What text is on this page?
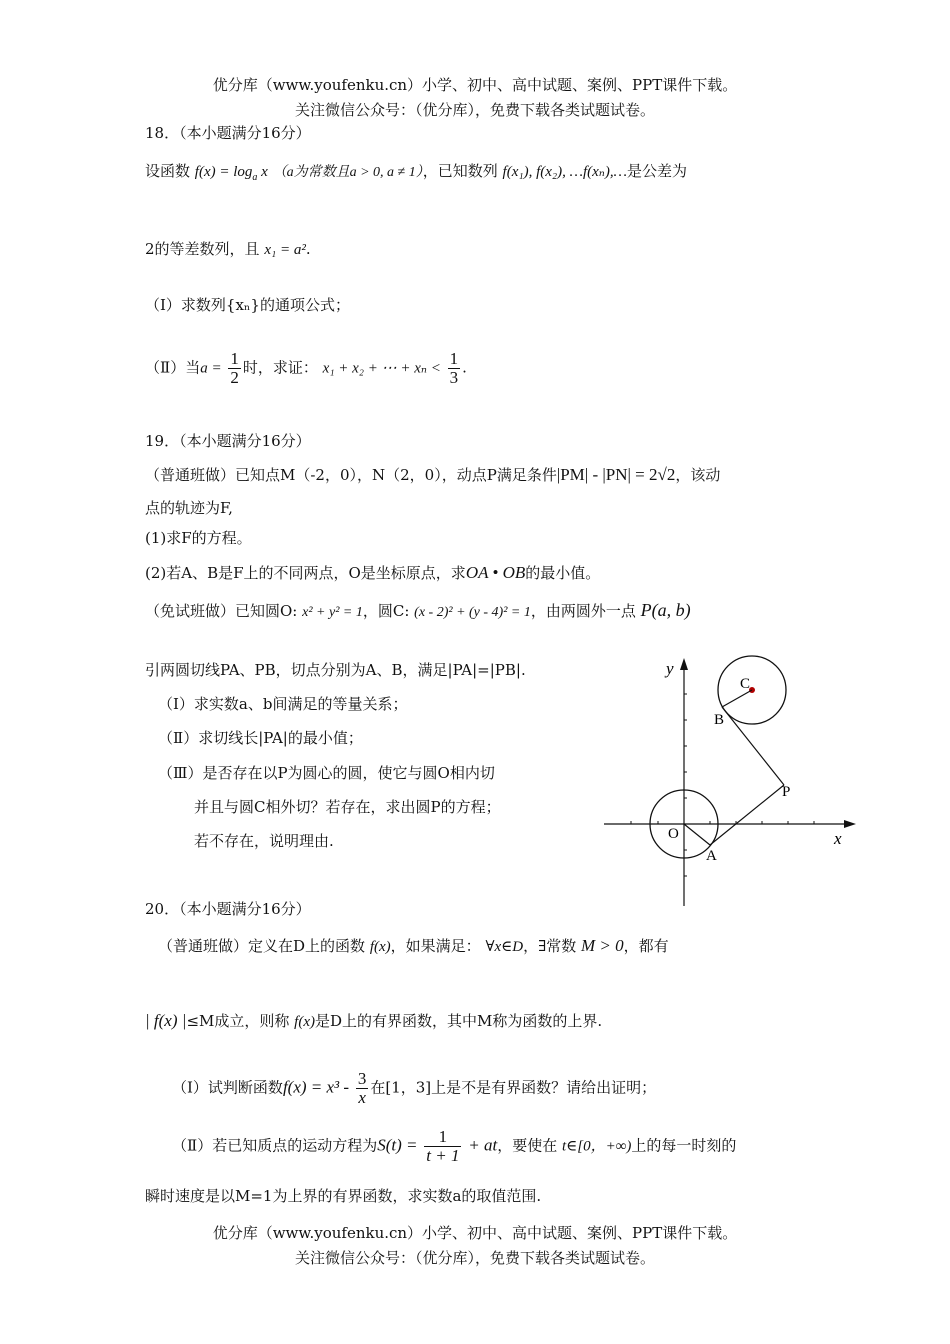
优分库（www.youfenku.cn）小学、初中、高中试题、案例、PPT课件下载。
关注微信公众号：（优分库），免费下载各类试题试卷。
18．（本小题满分16分）
设函数 $f(x) = \log_a x$ （a为常数且a > 0, a ≠ 1），已知数列 f(x₁), f(x₂), …f(xₙ),…是公差为
2的等差数列，且 x₁ = a².
（Ⅰ）求数列{xₙ}的通项公式；
（Ⅱ）当$a = \frac{1}{2}$ 时，求证： x₁ + x₂ + ⋯ + $x_n < \frac{1}{3}$ .
19．（本小题满分16分）
（普通班做）已知点M（-2，0），N（2，0），动点P满足条件|PM| - |PN| = 2√2，该动
点的轨迹为F,
(1)求F的方程。
(2)若A、B是F上的不同两点，O是坐标原点，求OA • OB的最小值。
（免试班做）已知圆O: x² + y² = 1，圆C: (x - 2)² + (y - 4)² = 1，由两圆外一点 P(a, b)
引两圆切线PA、PB，切点分别为A、B，满足|PA|=|PB|.
（Ⅰ）求实数a、b间满足的等量关系；
（Ⅱ）求切线长|PA|的最小值；
（Ⅲ）是否存在以P为圆心的圆，使它与圆O相内切
并且与圆C相外切？若存在，求出圆P的方程；
若不存在，说明理由.
y
x
O
A
B
C
P
20．（本小题满分16分）
（普通班做）定义在D上的函数 f(x)，如果满足： ∀x∈D，∃常数 M > 0，都有
| f(x) |≤M成立，则称 f(x)是D上的有界函数，其中M称为函数的上界.
（Ⅰ）试判断函数$f(x) = x^3 - \frac{3}{x}$ 在[1，3]上是不是有界函数？请给出证明；
（Ⅱ）若已知质点的运动方程为$S(t) = \frac{1}{t + 1}$ + at，要使在 t∈[0，+∞)上的每一时刻的
瞬时速度是以M=1为上界的有界函数，求实数a的取值范围.
优分库（www.youfenku.cn）小学、初中、高中试题、案例、PPT课件下载。
关注微信公众号：（优分库），免费下载各类试题试卷。
